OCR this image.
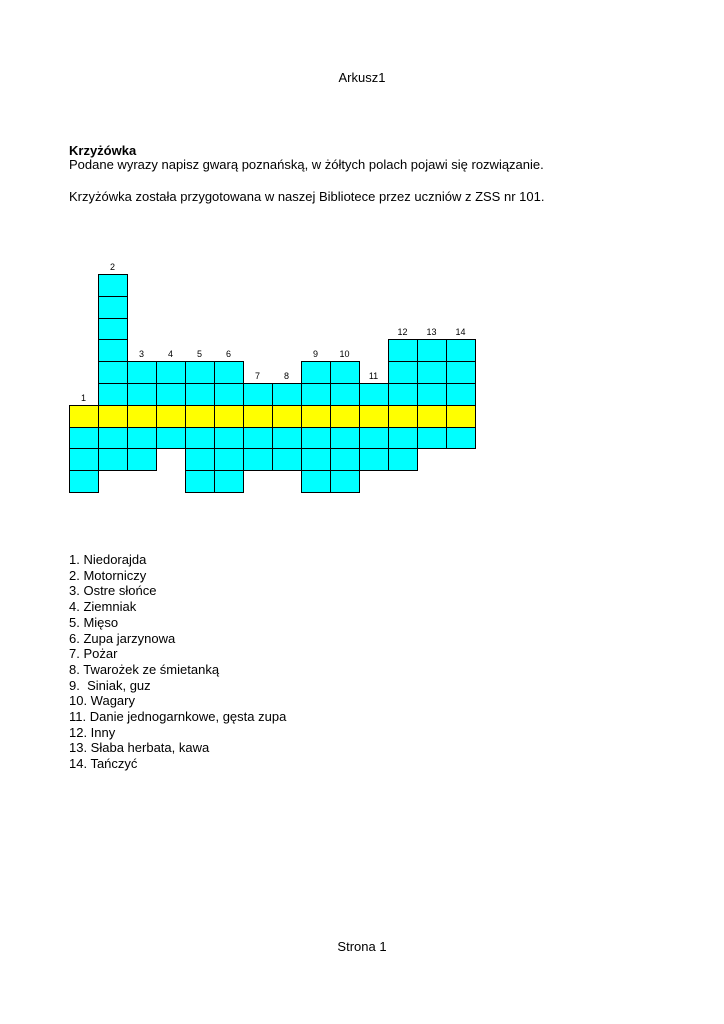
Arkusz1
Krzyżówka
Podane wyrazy napisz gwarą poznańską, w żółtych polach pojawi się rozwiązanie.
Krzyżówka została przygotowana w naszej Bibliotece przez uczniów z ZSS nr 101.
1
2
3	4	5	6
7	8
9	10
11
12	13	14
1. Niedorajda
2. Motorniczy
3. Ostre słońce
4. Ziemniak
5. Mięso
6. Zupa jarzynowa
7. Pożar
8. Twarożek ze śmietanką
9.  Siniak, guz
10. Wagary
11. Danie jednogarnkowe, gęsta zupa
12. Inny
13. Słaba herbata, kawa
14. Tańczyć
Strona 1
